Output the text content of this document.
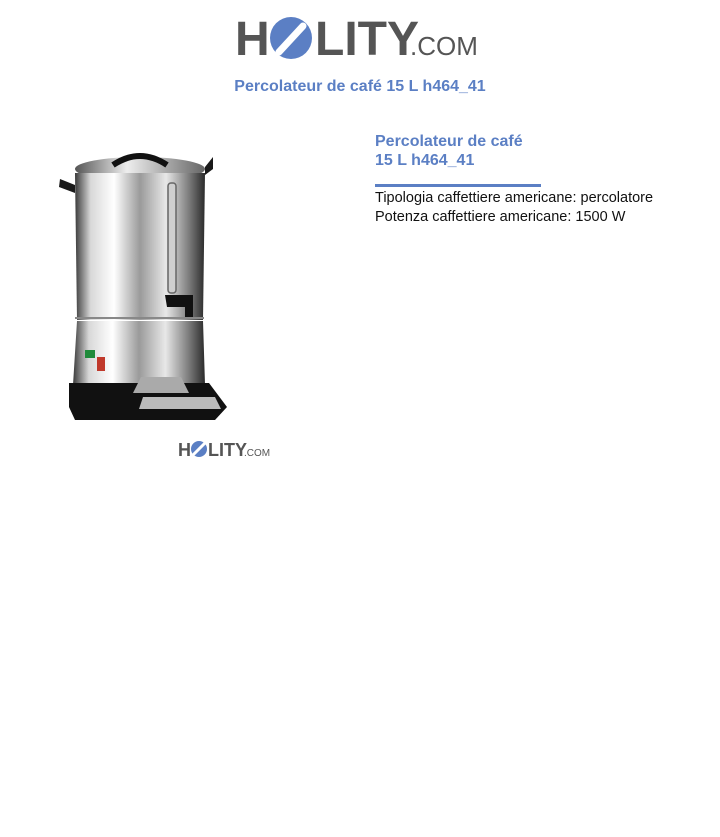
H LITY
.COM
Percolateur de café 15 L h464_41
H LITY
.COM
Percolateur de café
15 L h464_41
Tipologia caffettiere americane: percolatore
Potenza caffettiere americane: 1500 W
